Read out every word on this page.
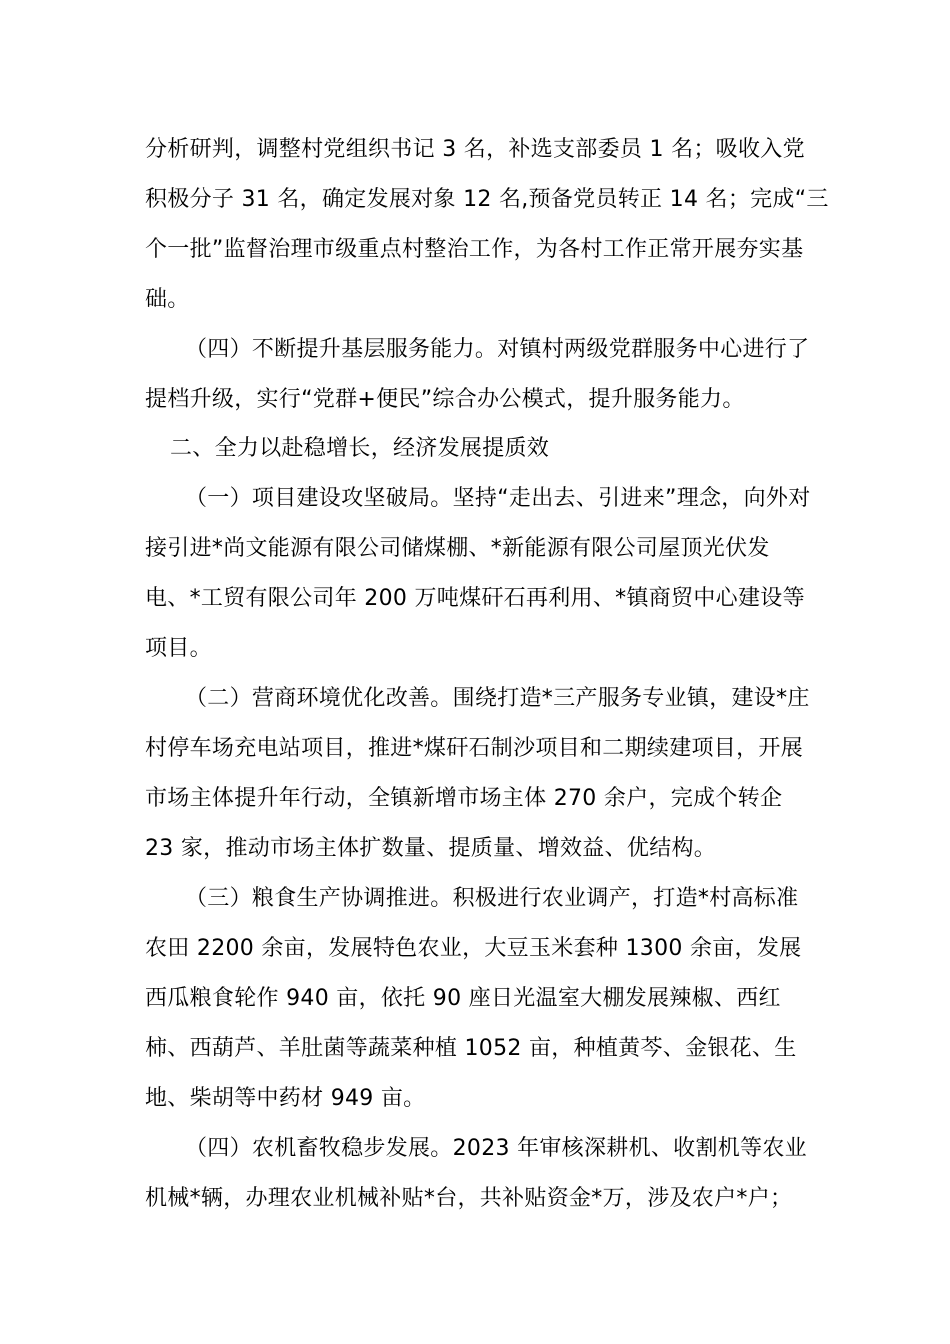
分析研判，调整村党组织书记 3 名，补选支部委员 1 名；吸收入党
积极分子 31 名，确定发展对象 12 名,预备党员转正 14 名；完成“三
个一批”监督治理市级重点村整治工作，为各村工作正常开展夯实基
础。
（四）不断提升基层服务能力。对镇村两级党群服务中心进行了
提档升级，实行“党群+便民”综合办公模式，提升服务能力。
二、全力以赴稳增长，经济发展提质效
（一）项目建设攻坚破局。坚持“走出去、引进来”理念，向外对
接引进*尚文能源有限公司储煤棚、*新能源有限公司屋顶光伏发
电、*工贸有限公司年 200 万吨煤矸石再利用、*镇商贸中心建设等
项目。
（二）营商环境优化改善。围绕打造*三产服务专业镇，建设*庄
村停车场充电站项目，推进*煤矸石制沙项目和二期续建项目，开展
市场主体提升年行动，全镇新增市场主体 270 余户，完成个转企
23 家，推动市场主体扩数量、提质量、增效益、优结构。
（三）粮食生产协调推进。积极进行农业调产，打造*村高标准
农田 2200 余亩，发展特色农业，大豆玉米套种 1300 余亩，发展
西瓜粮食轮作 940 亩，依托 90 座日光温室大棚发展辣椒、西红
柿、西葫芦、羊肚菌等蔬菜种植 1052 亩，种植黄芩、金银花、生
地、柴胡等中药材 949 亩。
（四）农机畜牧稳步发展。2023 年审核深耕机、收割机等农业
机械*辆，办理农业机械补贴*台，共补贴资金*万，涉及农户*户；
